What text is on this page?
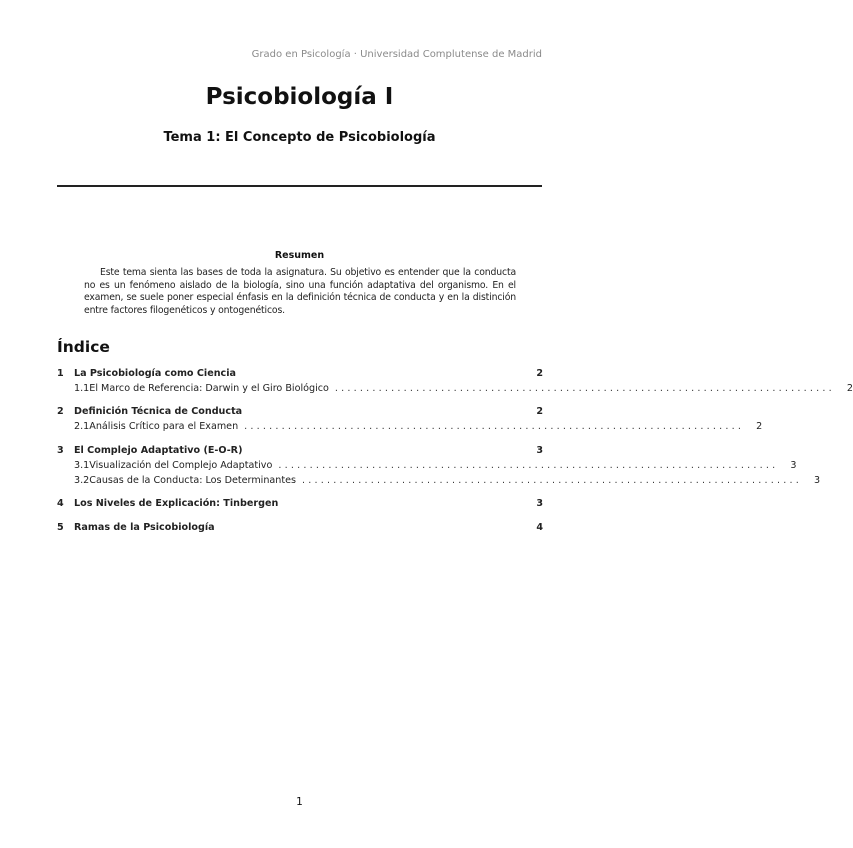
Grado en Psicología · Universidad Complutense de Madrid
Psicobiología I
Tema 1: El Concepto de Psicobiología
Resumen
Este tema sienta las bases de toda la asignatura. Su objetivo es entender que la conducta no es un fenómeno aislado de la biología, sino una función adaptativa del organismo. En el examen, se suele poner especial énfasis en la definición técnica de conducta y en la distinción entre factores filogenéticos y ontogenéticos.
Índice
1	La Psicobiología como Ciencia	2
1.1 El Marco de Referencia: Darwin y el Giro Biológico ................................................................................ 2
2	Definición Técnica de Conducta	2
2.1 Análisis Crítico para el Examen ................................................................................ 2
3	El Complejo Adaptativo (E-O-R)	3
3.1 Visualización del Complejo Adaptativo ................................................................................ 3
3.2 Causas de la Conducta: Los Determinantes ................................................................................ 3
4	Los Niveles de Explicación: Tinbergen	3
5	Ramas de la Psicobiología	4
1
